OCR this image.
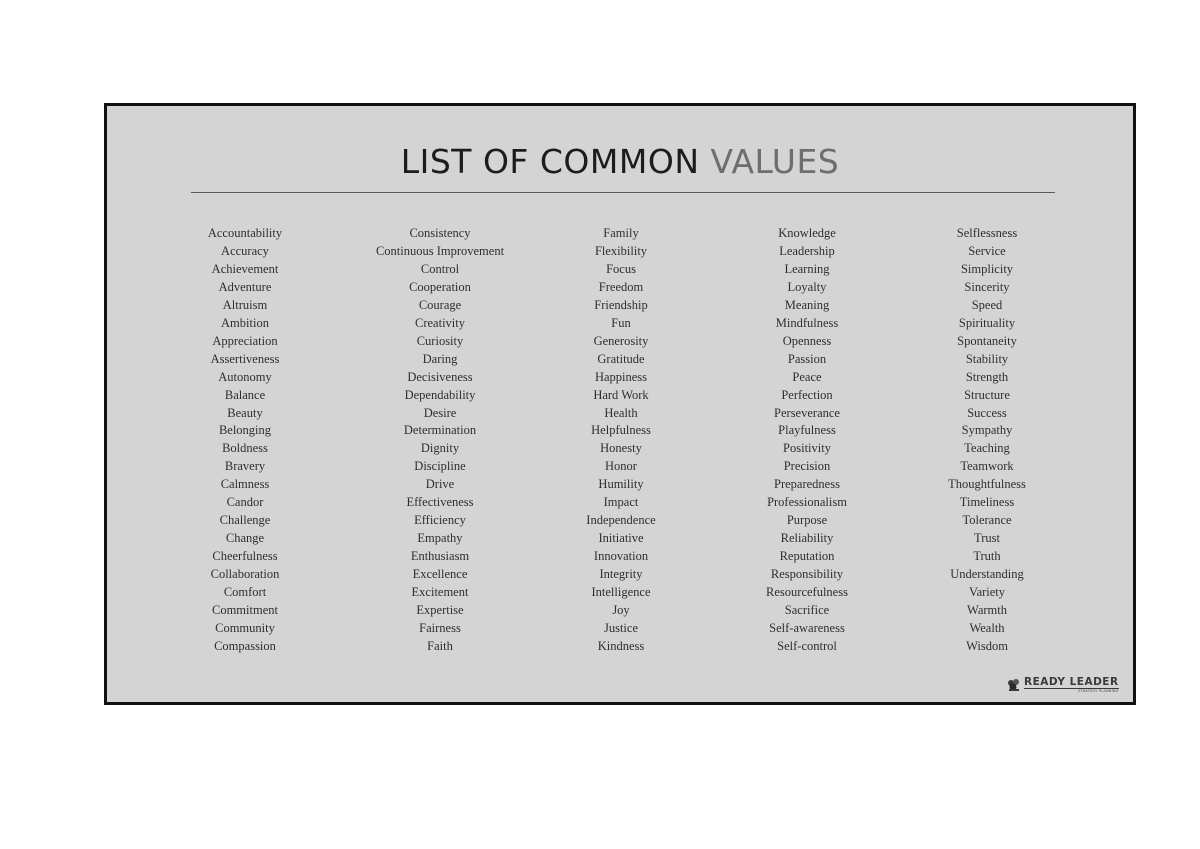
LIST OF COMMON VALUES
Accountability
Accuracy
Achievement
Adventure
Altruism
Ambition
Appreciation
Assertiveness
Autonomy
Balance
Beauty
Belonging
Boldness
Bravery
Calmness
Candor
Challenge
Change
Cheerfulness
Collaboration
Comfort
Commitment
Community
Compassion
Consistency
Continuous Improvement
Control
Cooperation
Courage
Creativity
Curiosity
Daring
Decisiveness
Dependability
Desire
Determination
Dignity
Discipline
Drive
Effectiveness
Efficiency
Empathy
Enthusiasm
Excellence
Excitement
Expertise
Fairness
Faith
Family
Flexibility
Focus
Freedom
Friendship
Fun
Generosity
Gratitude
Happiness
Hard Work
Health
Helpfulness
Honesty
Honor
Humility
Impact
Independence
Initiative
Innovation
Integrity
Intelligence
Joy
Justice
Kindness
Knowledge
Leadership
Learning
Loyalty
Meaning
Mindfulness
Openness
Passion
Peace
Perfection
Perseverance
Playfulness
Positivity
Precision
Preparedness
Professionalism
Purpose
Reliability
Reputation
Responsibility
Resourcefulness
Sacrifice
Self-awareness
Self-control
Selflessness
Service
Simplicity
Sincerity
Speed
Spirituality
Spontaneity
Stability
Strength
Structure
Success
Sympathy
Teaching
Teamwork
Thoughtfulness
Timeliness
Tolerance
Trust
Truth
Understanding
Variety
Warmth
Wealth
Wisdom
READY LEADER
STRATEGY PLANNING
